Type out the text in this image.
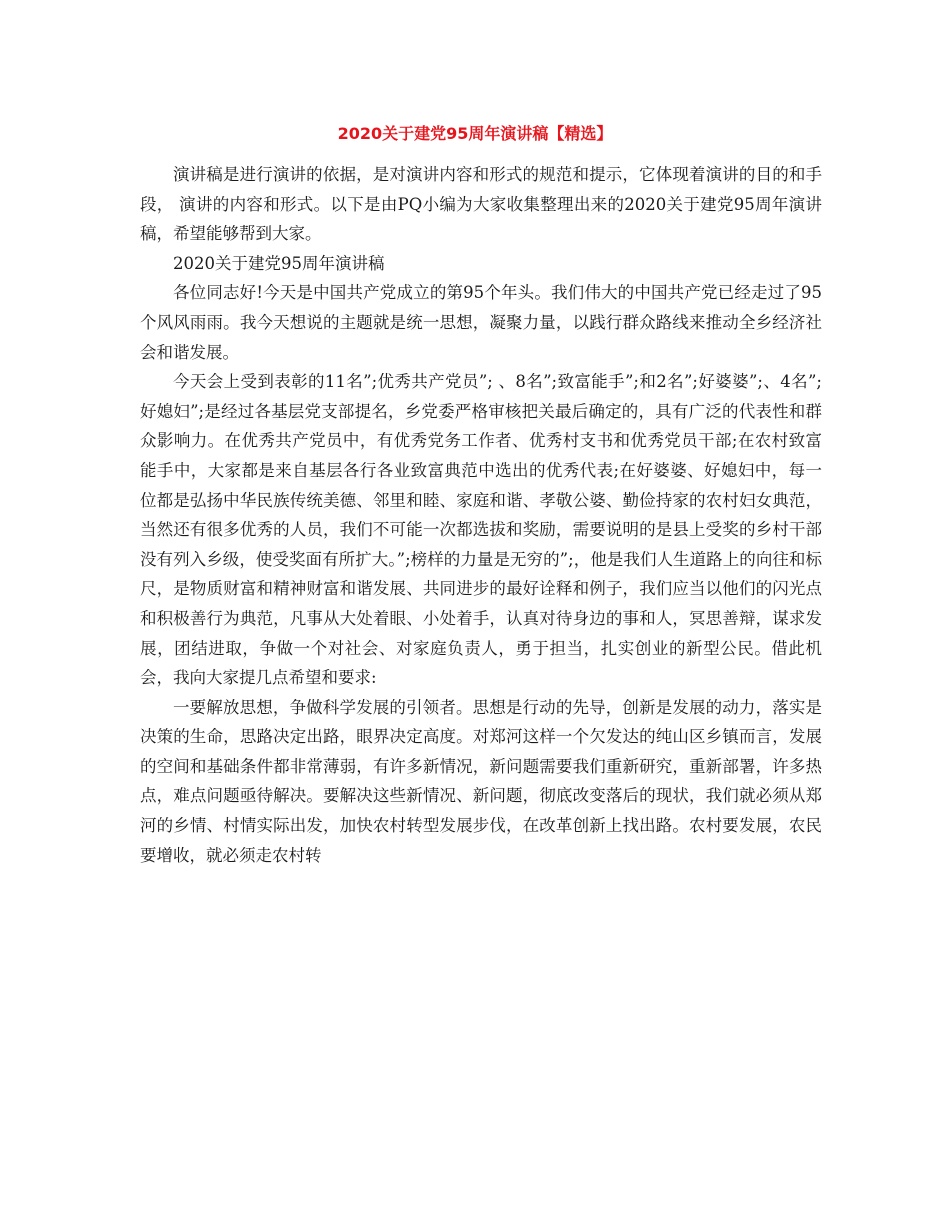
2020关于建党95周年演讲稿【精选】

演讲稿是进行演讲的依据，是对演讲内容和形式的规范和提示，它体现着演讲的目的和手段， 演讲的内容和形式。以下是由PQ小编为大家收集整理出来的2020关于建党95周年演讲稿，希望能够帮到大家。

2020关于建党95周年演讲稿

各位同志好!今天是中国共产党成立的第95个年头。我们伟大的中国共产党已经走过了95个风风雨雨。我今天想说的主题就是统一思想，凝聚力量，以践行群众路线来推动全乡经济社会和谐发展。

今天会上受到表彰的11名”;优秀共产党员”; 、8名”;致富能手”;和2名”;好婆婆”;、4名”;好媳妇”;是经过各基层党支部提名，乡党委严格审核把关最后确定的，具有广泛的代表性和群众影响力。在优秀共产党员中，有优秀党务工作者、优秀村支书和优秀党员干部;在农村致富能手中，大家都是来自基层各行各业致富典范中选出的优秀代表;在好婆婆、好媳妇中，每一位都是弘扬中华民族传统美德、邻里和睦、家庭和谐、孝敬公婆、勤俭持家的农村妇女典范，当然还有很多优秀的人员，我们不可能一次都选拔和奖励，需要说明的是县上受奖的乡村干部没有列入乡级，使受奖面有所扩大。”;榜样的力量是无穷的”;，他是我们人生道路上的向往和标尺，是物质财富和精神财富和谐发展、共同进步的最好诠释和例子，我们应当以他们的闪光点和积极善行为典范，凡事从大处着眼、小处着手，认真对待身边的事和人，冥思善辩，谋求发展，团结进取，争做一个对社会、对家庭负责人，勇于担当，扎实创业的新型公民。借此机会，我向大家提几点希望和要求:

一要解放思想，争做科学发展的引领者。思想是行动的先导，创新是发展的动力，落实是决策的生命，思路决定出路，眼界决定高度。对郑河这样一个欠发达的纯山区乡镇而言，发展的空间和基础条件都非常薄弱，有许多新情况，新问题需要我们重新研究，重新部署，许多热点，难点问题亟待解决。要解决这些新情况、新问题，彻底改变落后的现状，我们就必须从郑河的乡情、村情实际出发，加快农村转型发展步伐，在改革创新上找出路。农村要发展，农民要增收，就必须走农村转
